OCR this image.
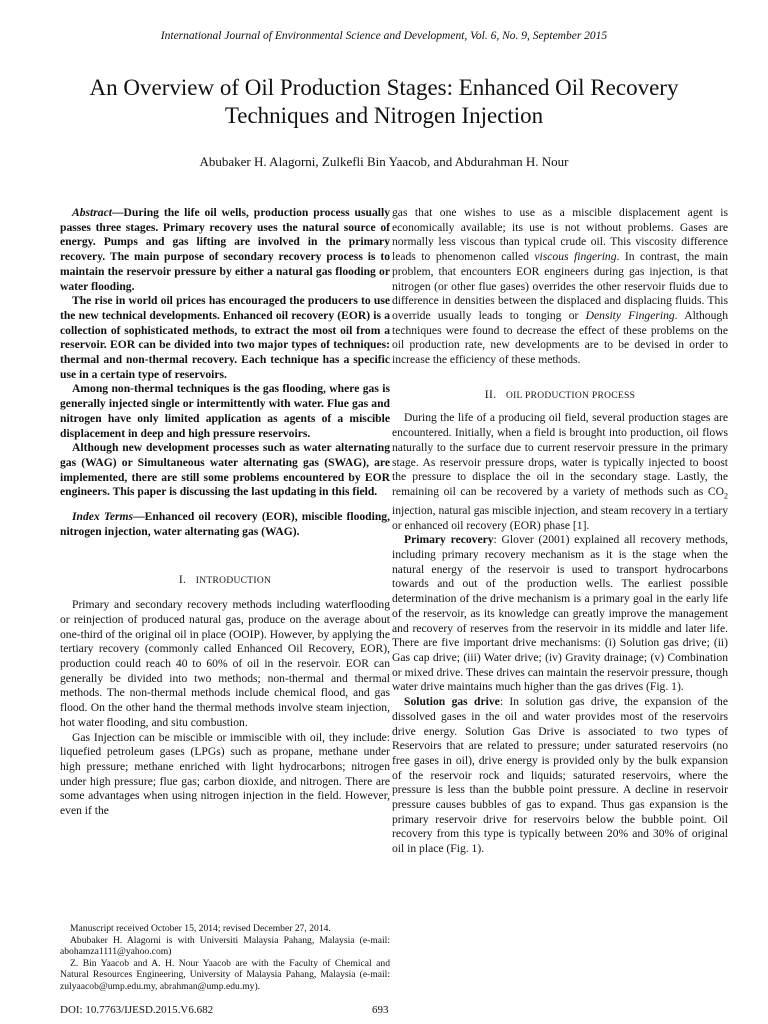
International Journal of Environmental Science and Development, Vol. 6, No. 9, September 2015
An Overview of Oil Production Stages: Enhanced Oil Recovery Techniques and Nitrogen Injection
Abubaker H. Alagorni, Zulkefli Bin Yaacob, and Abdurahman H. Nour

Abstract—During the life oil wells, production process usually passes three stages. Primary recovery uses the natural source of energy. Pumps and gas lifting are involved in the primary recovery. The main purpose of secondary recovery process is to maintain the reservoir pressure by either a natural gas flooding or water flooding.

The rise in world oil prices has encouraged the producers to use the new technical developments. Enhanced oil recovery (EOR) is a collection of sophisticated methods, to extract the most oil from a reservoir. EOR can be divided into two major types of techniques: thermal and non-thermal recovery. Each technique has a specific use in a certain type of reservoirs.

Among non-thermal techniques is the gas flooding, where gas is generally injected single or intermittently with water. Flue gas and nitrogen have only limited application as agents of a miscible displacement in deep and high pressure reservoirs.

Although new development processes such as water alternating gas (WAG) or Simultaneous water alternating gas (SWAG), are implemented, there are still some problems encountered by EOR engineers. This paper is discussing the last updating in this field.

Index Terms—Enhanced oil recovery (EOR), miscible flooding, nitrogen injection, water alternating gas (WAG).

I. INTRODUCTION

Primary and secondary recovery methods including waterflooding or reinjection of produced natural gas, produce on the average about one-third of the original oil in place (OOIP). However, by applying the tertiary recovery (commonly called Enhanced Oil Recovery, EOR), production could reach 40 to 60% of oil in the reservoir. EOR can generally be divided into two methods; non-thermal and thermal methods. The non-thermal methods include chemical flood, and gas flood. On the other hand the thermal methods involve steam injection, hot water flooding, and situ combustion.

Gas Injection can be miscible or immiscible with oil, they include: liquefied petroleum gases (LPGs) such as propane, methane under high pressure; methane enriched with light hydrocarbons; nitrogen under high pressure; flue gas; carbon dioxide, and nitrogen. There are some advantages when using nitrogen injection in the field. However, even if the

gas that one wishes to use as a miscible displacement agent is economically available; its use is not without problems. Gases are normally less viscous than typical crude oil. This viscosity difference leads to phenomenon called viscous fingering. In contrast, the main problem, that encounters EOR engineers during gas injection, is that nitrogen (or other flue gases) overrides the other reservoir fluids due to difference in densities between the displaced and displacing fluids. This override usually leads to tonging or Density Fingering. Although techniques were found to decrease the effect of these problems on the oil production rate, new developments are to be devised in order to increase the efficiency of these methods.

II. OIL PRODUCTION PROCESS

During the life of a producing oil field, several production stages are encountered. Initially, when a field is brought into production, oil flows naturally to the surface due to current reservoir pressure in the primary stage. As reservoir pressure drops, water is typically injected to boost the pressure to displace the oil in the secondary stage. Lastly, the remaining oil can be recovered by a variety of methods such as $CO_2$ injection, natural gas miscible injection, and steam recovery in a tertiary or enhanced oil recovery (EOR) phase [1].

Primary recovery: Glover (2001) explained all recovery methods, including primary recovery mechanism as it is the stage when the natural energy of the reservoir is used to transport hydrocarbons towards and out of the production wells. The earliest possible determination of the drive mechanism is a primary goal in the early life of the reservoir, as its knowledge can greatly improve the management and recovery of reserves from the reservoir in its middle and later life. There are five important drive mechanisms: (i) Solution gas drive; (ii) Gas cap drive; (iii) Water drive; (iv) Gravity drainage; (v) Combination or mixed drive. These drives can maintain the reservoir pressure, though water drive maintains much higher than the gas drives (Fig. 1).

Solution gas drive: In solution gas drive, the expansion of the dissolved gases in the oil and water provides most of the reservoirs drive energy. Solution Gas Drive is associated to two types of Reservoirs that are related to pressure; under saturated reservoirs (no free gases in oil), drive energy is provided only by the bulk expansion of the reservoir rock and liquids; saturated reservoirs, where the pressure is less than the bubble point pressure. A decline in reservoir pressure causes bubbles of gas to expand. Thus gas expansion is the primary reservoir drive for reservoirs below the bubble point. Oil recovery from this type is typically between 20% and 30% of original oil in place (Fig. 1).

Manuscript received October 15, 2014; revised December 27, 2014.

Abubaker H. Alagorni is with Universiti Malaysia Pahang, Malaysia (e-mail: abohamza1111@yahoo.com)

Z. Bin Yaacob and A. H. Nour Yaacob are with the Faculty of Chemical and Natural Resources Engineering, University of Malaysia Pahang, Malaysia (e-mail: zulyaacob@ump.edu.my, abrahman@ump.edu.my).

DOI: 10.7763/IJESD.2015.V6.682	693
